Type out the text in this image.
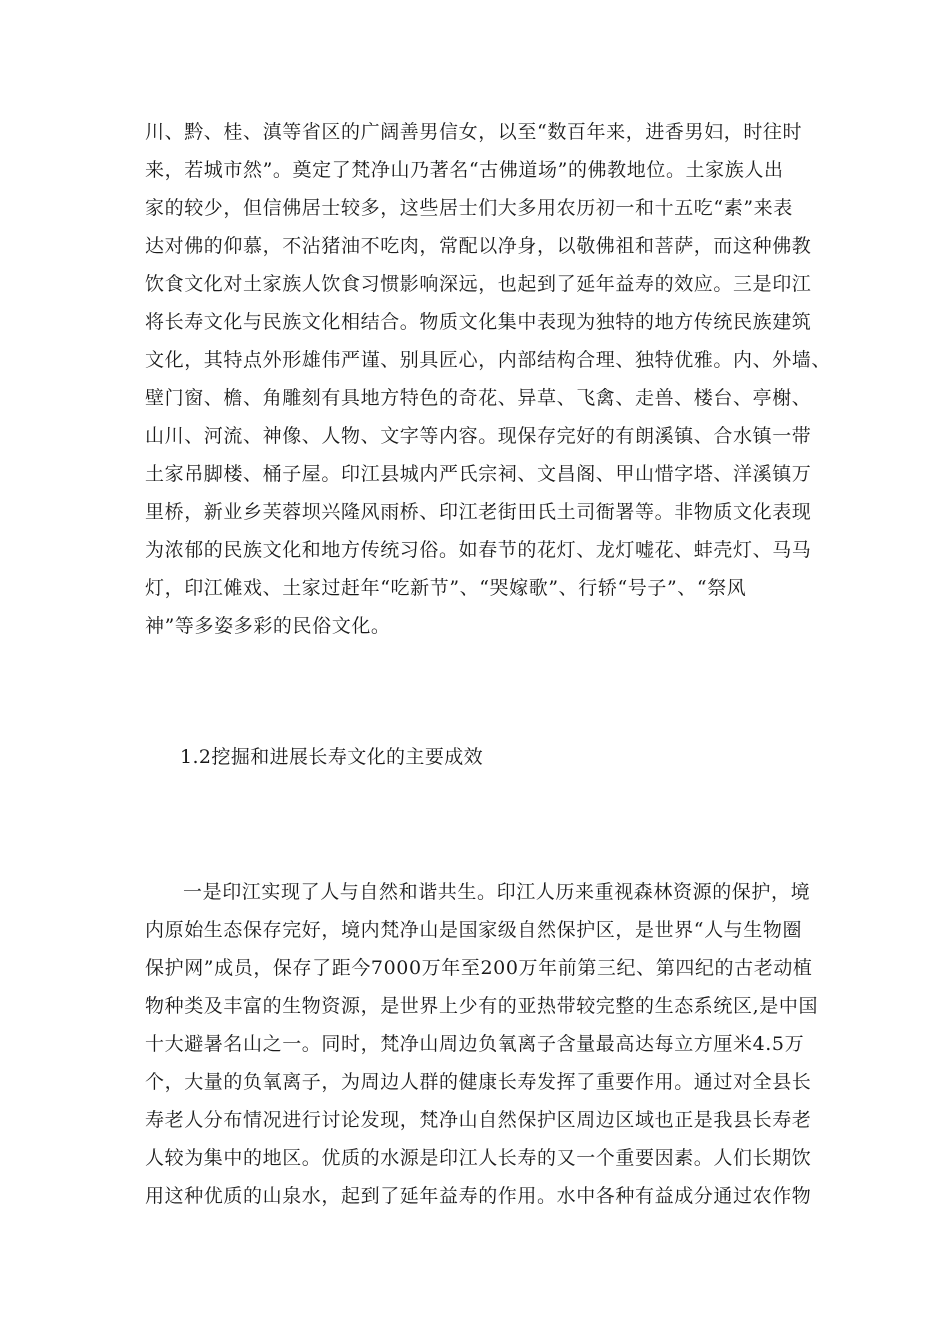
川、黔、桂、滇等省区的广阔善男信女，以至“数百年来，进香男妇，时往时
来，若城市然”。奠定了梵净山乃著名“古佛道场”的佛教地位。土家族人出
家的较少，但信佛居士较多，这些居士们大多用农历初一和十五吃“素”来表
达对佛的仰慕，不沾猪油不吃肉，常配以净身，以敬佛祖和菩萨，而这种佛教
饮食文化对土家族人饮食习惯影响深远，也起到了延年益寿的效应。三是印江
将长寿文化与民族文化相结合。物质文化集中表现为独特的地方传统民族建筑
文化，其特点外形雄伟严谨、别具匠心，内部结构合理、独特优雅。内、外墙、
壁门窗、檐、角雕刻有具地方特色的奇花、异草、飞禽、走兽、楼台、亭榭、
山川、河流、神像、人物、文字等内容。现保存完好的有朗溪镇、合水镇一带
土家吊脚楼、桶子屋。印江县城内严氏宗祠、文昌阁、甲山惜字塔、洋溪镇万
里桥，新业乡芙蓉坝兴隆风雨桥、印江老街田氏土司衙署等。非物质文化表现
为浓郁的民族文化和地方传统习俗。如春节的花灯、龙灯嘘花、蚌壳灯、马马
灯，印江傩戏、土家过赶年“吃新节”、“哭嫁歌”、行轿“号子”、“祭风
神”等多姿多彩的民俗文化。
1.2挖掘和进展长寿文化的主要成效
一是印江实现了人与自然和谐共生。印江人历来重视森林资源的保护，境
内原始生态保存完好，境内梵净山是国家级自然保护区，是世界“人与生物圈
保护网”成员，保存了距今7000万年至200万年前第三纪、第四纪的古老动植
物种类及丰富的生物资源，是世界上少有的亚热带较完整的生态系统区,是中国
十大避暑名山之一。同时，梵净山周边负氧离子含量最高达每立方厘米4.5万
个，大量的负氧离子，为周边人群的健康长寿发挥了重要作用。通过对全县长
寿老人分布情况进行讨论发现，梵净山自然保护区周边区域也正是我县长寿老
人较为集中的地区。优质的水源是印江人长寿的又一个重要因素。人们长期饮
用这种优质的山泉水，起到了延年益寿的作用。水中各种有益成分通过农作物
